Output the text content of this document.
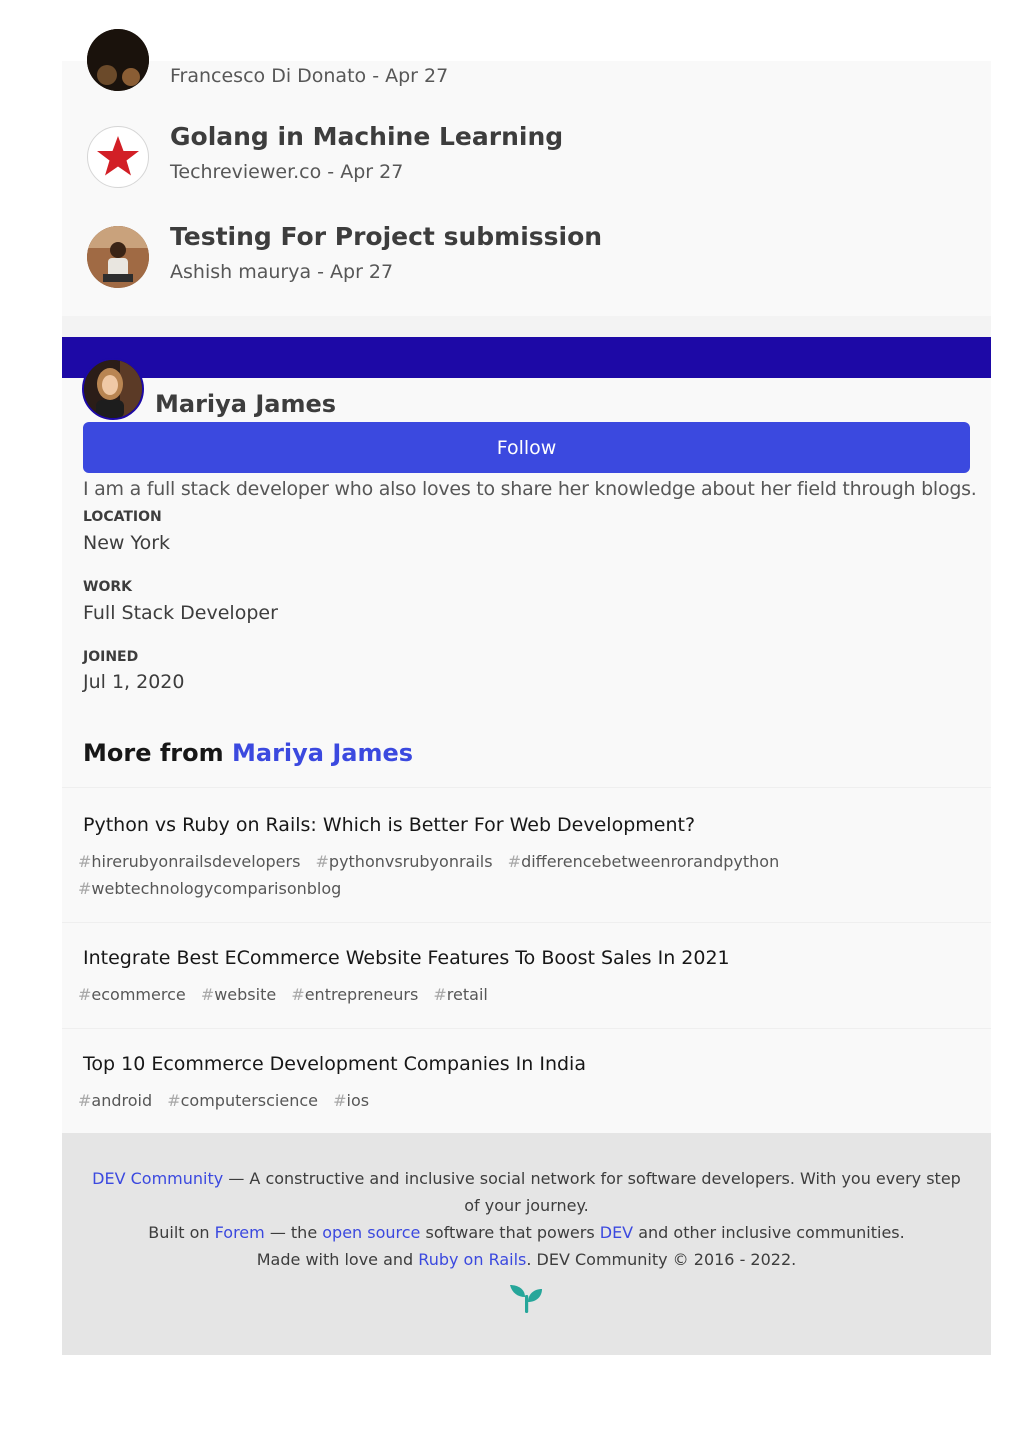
Francesco Di Donato - Apr 27
Golang in Machine Learning
Techreviewer.co - Apr 27
Testing For Project submission
Ashish maurya - Apr 27
Mariya James
Follow
I am a full stack developer who also loves to share her knowledge about her field through blogs.
LOCATION
New York
WORK
Full Stack Developer
JOINED
Jul 1, 2020
More from Mariya James
Python vs Ruby on Rails: Which is Better For Web Development?
#hirerubyonrailsdevelopers #pythonvsrubyonrails #differencebetweenrorandpython
#webtechnologycomparisonblog
Integrate Best ECommerce Website Features To Boost Sales In 2021
#ecommerce #website #entrepreneurs #retail
Top 10 Ecommerce Development Companies In India
#android #computerscience #ios
DEV Community — A constructive and inclusive social network for software developers. With you every step
of your journey.
Built on Forem — the open source software that powers DEV and other inclusive communities.
Made with love and Ruby on Rails. DEV Community © 2016 - 2022.
